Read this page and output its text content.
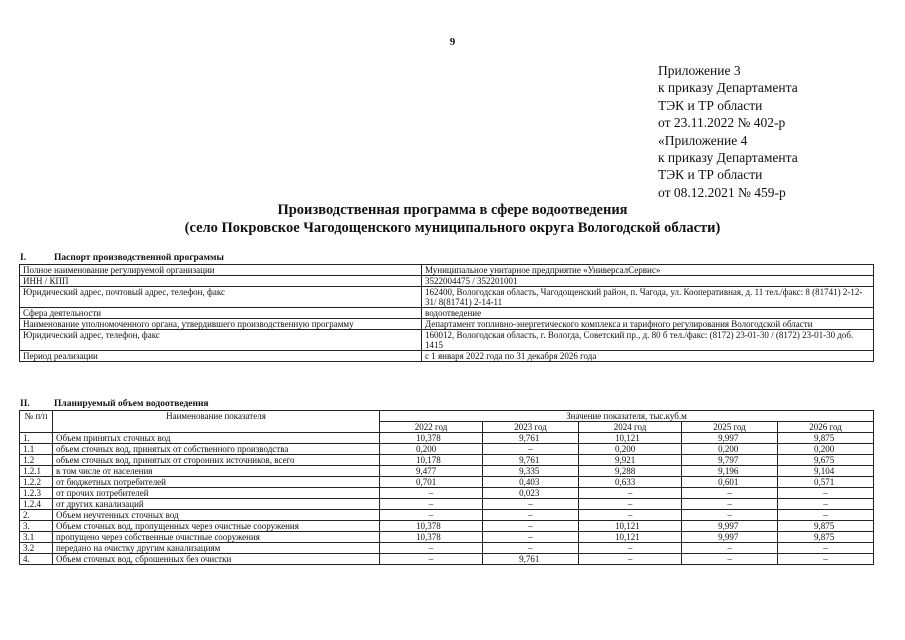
9
Приложение 3
к приказу Департамента
ТЭК и ТР области
от 23.11.2022 № 402-р
«Приложение 4
к приказу Департамента
ТЭК и ТР области
от 08.12.2021 № 459-р
Производственная программа в сфере водоотведения
(село Покровское Чагодощенского муниципального округа Вологодской области)
I.	Паспорт производственной программы
Полное наименование регулируемой организации	Муниципальное унитарное предприятие «УниверсалСервис»
ИНН / КПП	3522004475 / 352201001
Юридический адрес, почтовый адрес, телефон, факс	162400, Вологодская область, Чагодощенский район, п. Чагода, ул. Кооперативная, д. 11 тел./факс: 8 (81741) 2-12-31/ 8(81741) 2-14-11
Сфера деятельности	водоотведение
Наименование уполномоченного органа, утвердившего производственную программу	Департамент топливно-энергетического комплекса и тарифного регулирования Вологодской области
Юридический адрес, телефон, факс	160012, Вологодская область, г. Вологда, Советский пр., д. 80 б тел./факс: (8172) 23-01-30 / (8172) 23-01-30 доб. 1415
Период реализации	с 1 января 2022 года по 31 декабря 2026 года
II.	Планируемый объем водоотведения
№ п/п	Наименование показателя	Значение показателя, тыс.куб.м				
		2022 год	2023 год	2024 год	2025 год	2026 год
1.	Объем принятых сточных вод	10,378	9,761	10,121	9,997	9,875
1.1	объем сточных вод, принятых от собственного производства	0,200	–	0,200	0,200	0,200
1.2	объем сточных вод, принятых от сторонних источников, всего	10,178	9,761	9,921	9,797	9,675
1.2.1	в том числе от населения	9,477	9,335	9,288	9,196	9,104
1.2.2	от бюджетных потребителей	0,701	0,403	0,633	0,601	0,571
1.2.3	от прочих потребителей	–	0,023	–	–	–
1.2.4	от других канализаций	–	–	–	–	–
2.	Объем неучтенных сточных вод	–	–	–	–	–
3.	Объем сточных вод, пропущенных через очистные сооружения	10,378	–	10,121	9,997	9,875
3.1	пропущено через собственные очистные сооружения	10,378	–	10,121	9,997	9,875
3.2	передано на очистку другим канализациям	–	–	–	–	–
4.	Объем сточных вод, сброшенных без очистки	–	9,761	–	–	–
